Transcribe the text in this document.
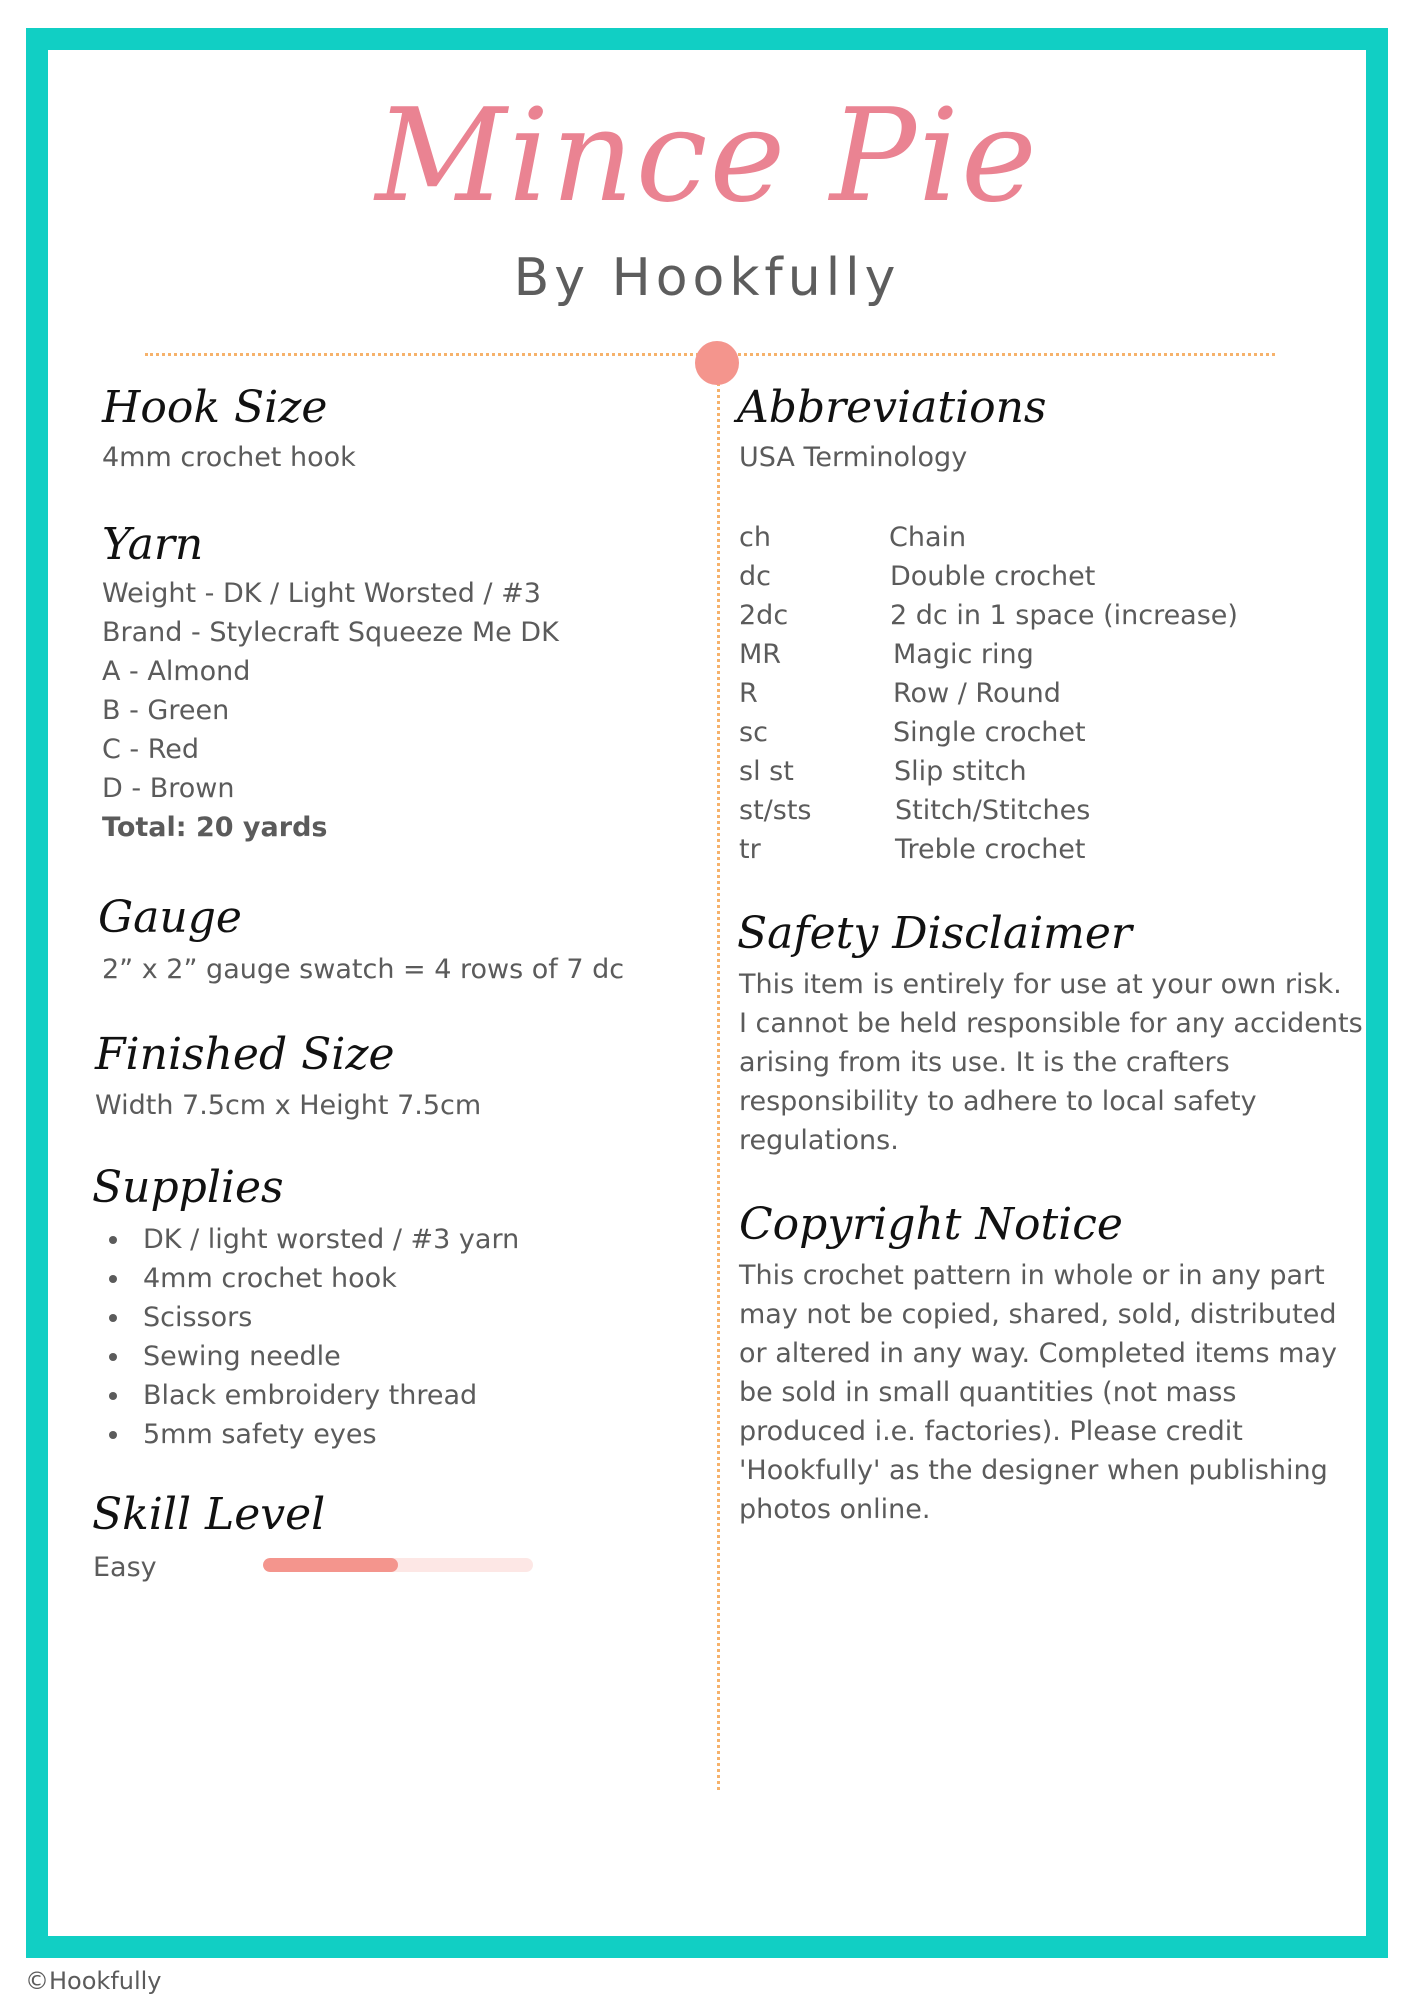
Mince Pie
By Hookfully
Hook Size
4mm crochet hook
Yarn
Weight - DK / Light Worsted / #3
Brand - Stylecraft Squeeze Me DK
A - Almond
B - Green
C - Red
D - Brown
Total: 20 yards
Gauge
2” x 2” gauge swatch = 4 rows of 7 dc
Finished Size
Width 7.5cm x Height 7.5cm
Supplies
DK / light worsted / #3 yarn
4mm crochet hook
Scissors
Sewing needle
Black embroidery thread
5mm safety eyes
Skill Level
Easy
Abbreviations
USA Terminology
ch	Chain
dc	Double crochet
2dc	2 dc in 1 space (increase)
MR	Magic ring
R	Row / Round
sc	Single crochet
sl st	Slip stitch
st/sts	Stitch/Stitches
tr	Treble crochet
Safety Disclaimer
This item is entirely for use at your own risk.
I cannot be held responsible for any accidents
arising from its use. It is the crafters
responsibility to adhere to local safety
regulations.
Copyright Notice
This crochet pattern in whole or in any part
may not be copied, shared, sold, distributed
or altered in any way. Completed items may
be sold in small quantities (not mass
produced i.e. factories). Please credit
'Hookfully' as the designer when publishing
photos online.
©Hookfully
